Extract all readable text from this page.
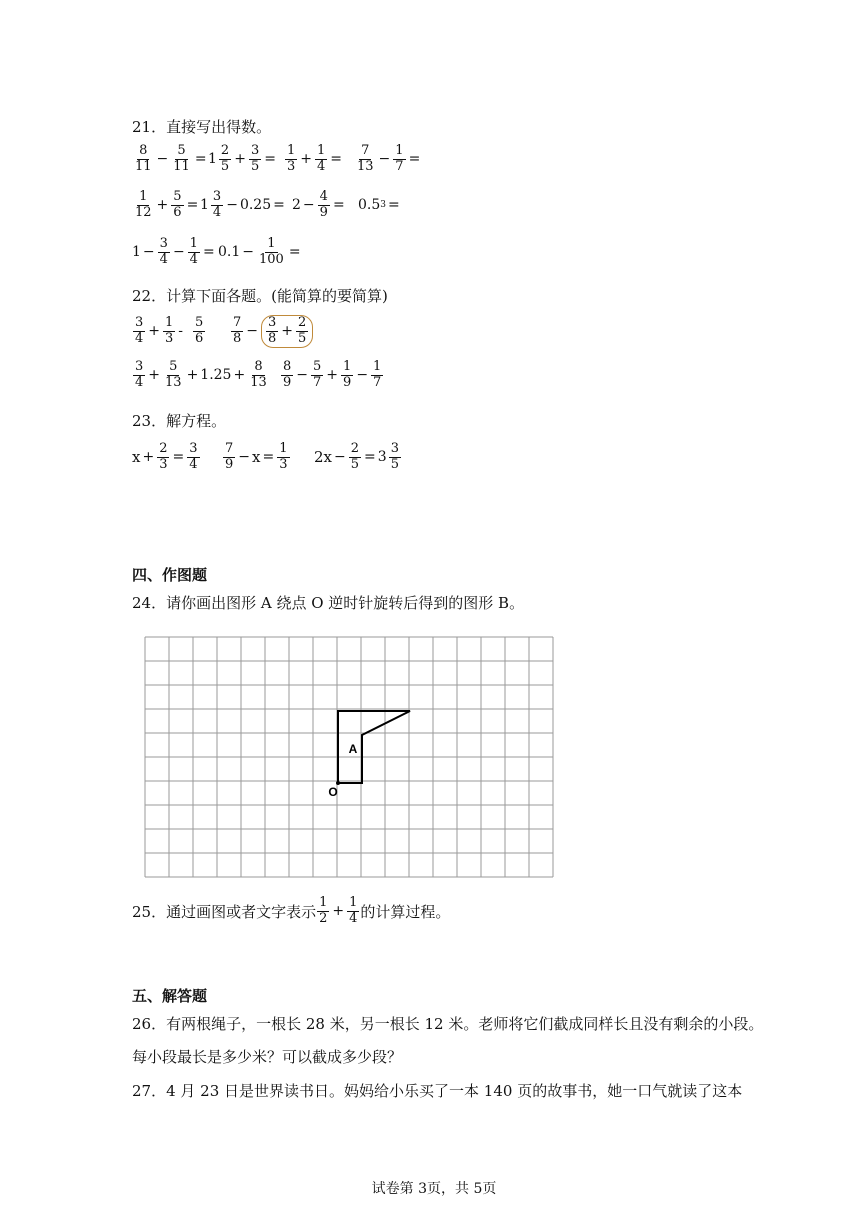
21．直接写出得数。
$\frac{8}{11} - \frac{5}{11} = 1 \frac{2}{5} + \frac{3}{5} = \frac{1}{3} + \frac{1}{4} = \frac{7}{13} - \frac{1}{7}$ =
$\frac{1}{12} + \frac{5}{6} = 1 \frac{3}{4} - 0.25 = 2 - \frac{4}{9} = 0.5$ 3 =
$1 - \frac{3}{4} - \frac{1}{4} = 0.1 - \frac{1}{100}$ =
22．计算下面各题。(能简算的要简算)
$\frac{3}{4} + \frac{1}{3} - \frac{5}{6} \frac{7}{8} - \frac{3}{8} + \frac{2}{5}$
$\frac{3}{4} + \frac{5}{13} + 1.25 + \frac{8}{13} \frac{8}{9} - \frac{5}{7} + \frac{1}{9} - \frac{1}{7}$
23．解方程。
$x + \frac{2}{3} = \frac{3}{4} \frac{7}{9} - x = \frac{1}{3} 2x - \frac{2}{5} = 3 \frac{3}{5}$
四、作图题
24．请你画出图形 A 绕点 O 逆时针旋转后得到的图形 B。
A
O
25．通过画图或者文字表示 $\frac{1}{2} + \frac{1}{4}$ 的计算过程。
五、解答题
26．有两根绳子，一根长 28 米，另一根长 12 米。老师将它们截成同样长且没有剩余的小段。
每小段最长是多少米？可以截成多少段？
27．4 月 23 日是世界读书日。妈妈给小乐买了一本 140 页的故事书，她一口气就读了这本
试卷第 3页，共 5页
